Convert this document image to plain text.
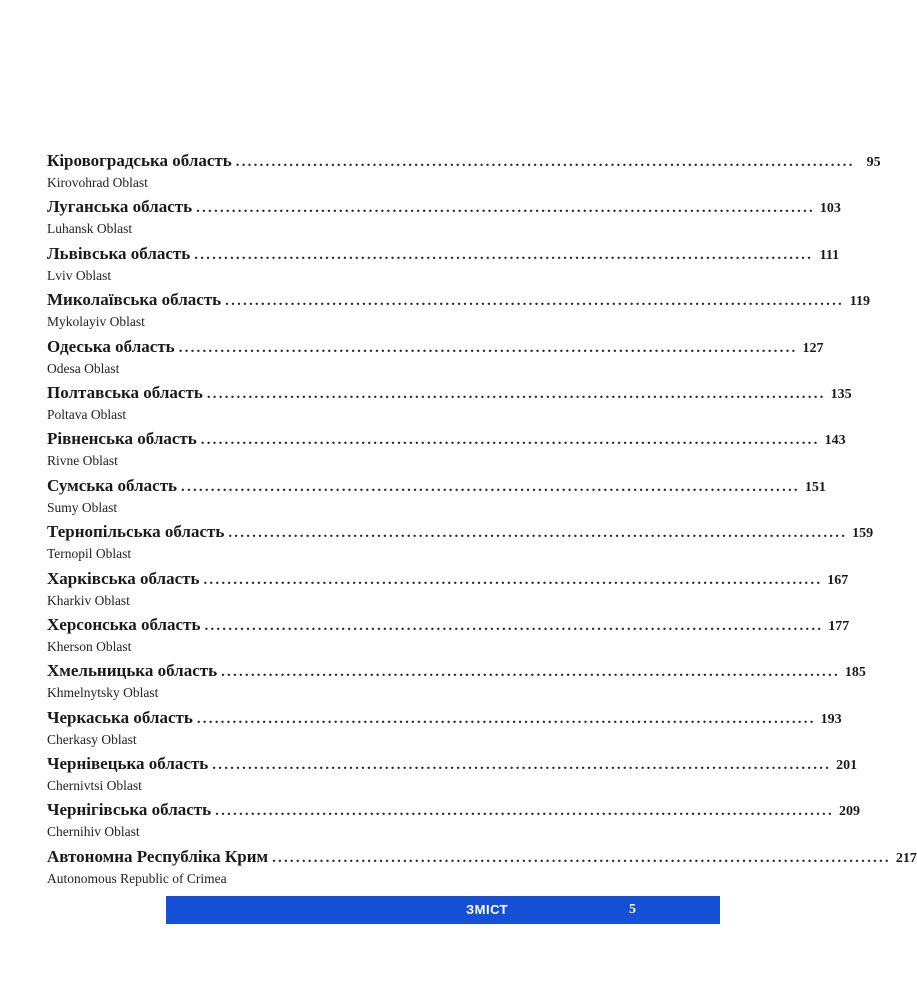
Кіровоградська область ........................................................................................................ 95
Kirovohrad Oblast
Луганська область ........................................................................................................ 103
Luhansk Oblast
Львівська область ........................................................................................................ 111
Lviv Oblast
Миколаївська область ........................................................................................................ 119
Mykolayiv Oblast
Одеська область ........................................................................................................ 127
Odesa Oblast
Полтавська область ........................................................................................................ 135
Poltava Oblast
Рівненська область ........................................................................................................ 143
Rivne Oblast
Сумська область ........................................................................................................ 151
Sumy Oblast
Тернопільська область ........................................................................................................ 159
Ternopil Oblast
Харківська область ........................................................................................................ 167
Kharkiv Oblast
Херсонська область ........................................................................................................ 177
Kherson Oblast
Хмельницька область ........................................................................................................ 185
Khmelnytsky Oblast
Черкаська область ........................................................................................................ 193
Cherkasy Oblast
Чернівецька область ........................................................................................................ 201
Chernivtsi Oblast
Чернігівська область ........................................................................................................ 209
Chernihiv Oblast
Автономна Республіка Крим ........................................................................................................ 217
Autonomous Republic of Crimea
ЗМІСТ	5
